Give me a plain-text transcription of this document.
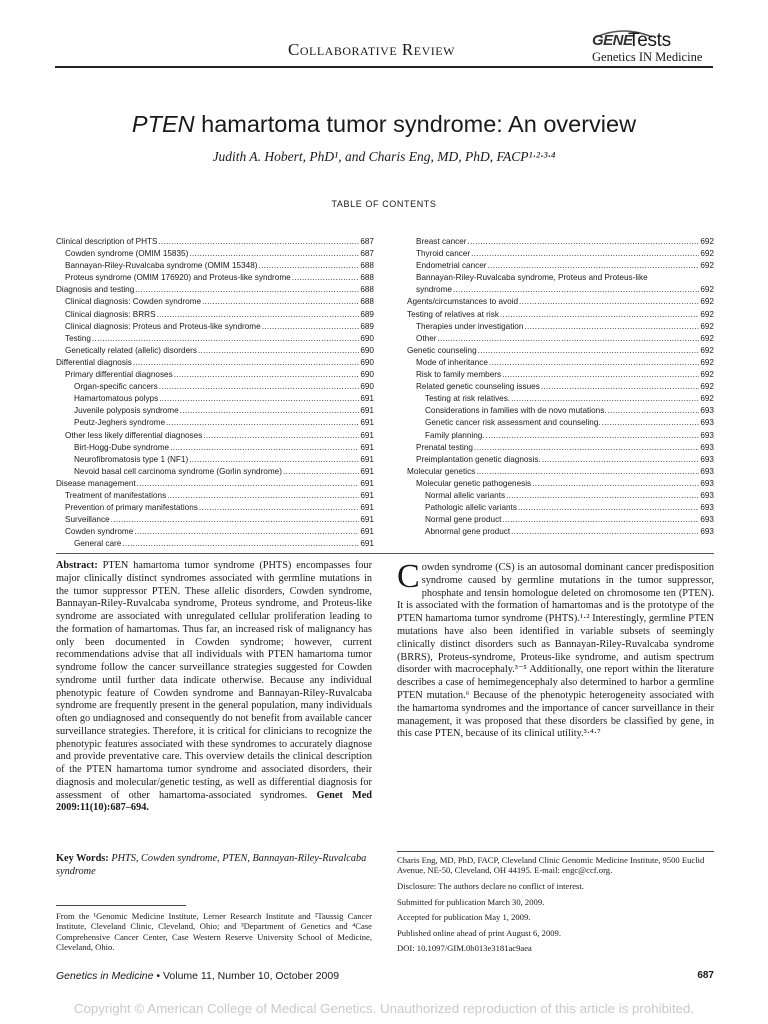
Collaborative Review	GENE
Tests
Genetics IN Medicine
PTEN hamartoma tumor syndrome: An overview
Judith A. Hobert, PhD¹, and Charis Eng, MD, PhD, FACP¹·²·³·⁴
TABLE OF CONTENTS
Clinical description of PHTS .....	687
Cowden syndrome (OMIM 15835) .....	687
Bannayan-Riley-Ruvalcaba syndrome (OMIM 15348) .....	688
Proteus syndrome (OMIM 176920) and Proteus-like syndrome .....	688
Diagnosis and testing .....	688
Clinical diagnosis: Cowden syndrome .....	688
Clinical diagnosis: BRRS .....	689
Clinical diagnosis: Proteus and Proteus-like syndrome .....	689
Testing .....	690
Genetically related (allelic) disorders .....	690
Differential diagnosis .....	690
Primary differential diagnoses .....	690
Organ-specific cancers .....	690
Hamartomatous polyps .....	691
Juvenile polyposis syndrome .....	691
Peutz-Jeghers syndrome .....	691
Other less likely differential diagnoses .....	691
Birt-Hogg-Dube syndrome .....	691
Neurofibromatosis type 1 (NF1) .....	691
Nevoid basal cell carcinoma syndrome (Gorlin syndrome) .....	691
Disease management .....	691
Treatment of manifestations .....	691
Prevention of primary manifestations .....	691
Surveillance .....	691
Cowden syndrome .....	691
General care .....	691
Breast cancer .....	692
Thyroid cancer .....	692
Endometrial cancer .....	692
Bannayan-Riley-Ruvalcaba syndrome, Proteus and Proteus-like
syndrome .....	692
Agents/circumstances to avoid .....	692
Testing of relatives at risk .....	692
Therapies under investigation .....	692
Other .....	692
Genetic counseling .....	692
Mode of inheritance .....	692
Risk to family members .....	692
Related genetic counseling issues .....	692
Testing at risk relatives. .....	692
Considerations in families with de novo mutations. .....	693
Genetic cancer risk assessment and counseling. .....	693
Family planning. .....	693
Prenatal testing .....	693
Preimplantation genetic diagnosis. .....	693
Molecular genetics .....	693
Molecular genetic pathogenesis .....	693
Normal allelic variants .....	693
Pathologic allelic variants .....	693
Normal gene product .....	693
Abnormal gene product .....	693
Abstract: PTEN hamartoma tumor syndrome (PHTS) encompasses four major clinically distinct syndromes associated with germline mutations in the tumor suppressor PTEN. These allelic disorders, Cowden syndrome, Bannayan-Riley-Ruvalcaba syndrome, Proteus syndrome, and Proteus-like syndrome are associated with unregulated cellular proliferation leading to the formation of hamartomas. Thus far, an increased risk of malignancy has only been documented in Cowden syndrome; however, current recommendations advise that all individuals with PTEN hamartoma tumor syndrome follow the cancer surveillance strategies suggested for Cowden syndrome until further data indicate otherwise. Because any individual phenotypic feature of Cowden syndrome and Bannayan-Riley-Ruvalcaba syndrome are frequently present in the general population, many individuals often go undiagnosed and consequently do not benefit from available cancer surveillance strategies. Therefore, it is critical for clinicians to recognize the phenotypic features associated with these syndromes to accurately diagnose and provide preventative care. This overview details the clinical description of the PTEN hamartoma tumor syndrome and associated disorders, their diagnosis and molecular/genetic testing, as well as differential diagnosis for assessment of other hamartoma-associated syndromes. Genet Med 2009:11(10):687–694.
Key Words: PHTS, Cowden syndrome, PTEN, Bannayan-Riley-Ruvalcaba syndrome
Cowden syndrome (CS) is an autosomal dominant cancer predisposition syndrome caused by germline mutations in the tumor suppressor, phosphate and tensin homologue deleted on chromosome ten (PTEN). It is associated with the formation of hamartomas and is the prototype of the PTEN hamartoma tumor syndrome (PHTS).¹·² Interestingly, germline PTEN mutations have also been identified in variable subsets of seemingly clinically distinct disorders such as Bannayan-Riley-Ruvalcaba syndrome (BRRS), Proteus-syndrome, Proteus-like syndrome, and autism spectrum disorder with macrocephaly.³⁻⁵ Additionally, one report within the literature describes a case of hemimegencephaly also determined to harbor a germline PTEN mutation.⁶ Because of the phenotypic heterogeneity associated with the hamartoma syndromes and the importance of cancer surveillance in their management, it was proposed that these disorders be classified by gene, in this case PTEN, because of its clinical utility.³·⁴·⁷

Charis Eng, MD, PhD, FACP, Cleveland Clinic Genomic Medicine Institute, 9500 Euclid Avenue, NE-50, Cleveland, OH 44195. E-mail: engc@ccf.org.

Disclosure: The authors declare no conflict of interest.

Submitted for publication March 30, 2009.

Accepted for publication May 1, 2009.

Published online ahead of print August 6, 2009.

DOI: 10.1097/GIM.0b013e3181ac9aea

From the ¹Genomic Medicine Institute, Lerner Research Institute and ²Taussig Cancer Institute, Cleveland Clinic, Cleveland, Ohio; and ³Department of Genetics and ⁴Case Comprehensive Cancer Center, Case Western Reserve University School of Medicine, Cleveland, Ohio.
Genetics in Medicine • Volume 11, Number 10, October 2009	687
Copyright © American College of Medical Genetics. Unauthorized reproduction of this article is prohibited.
